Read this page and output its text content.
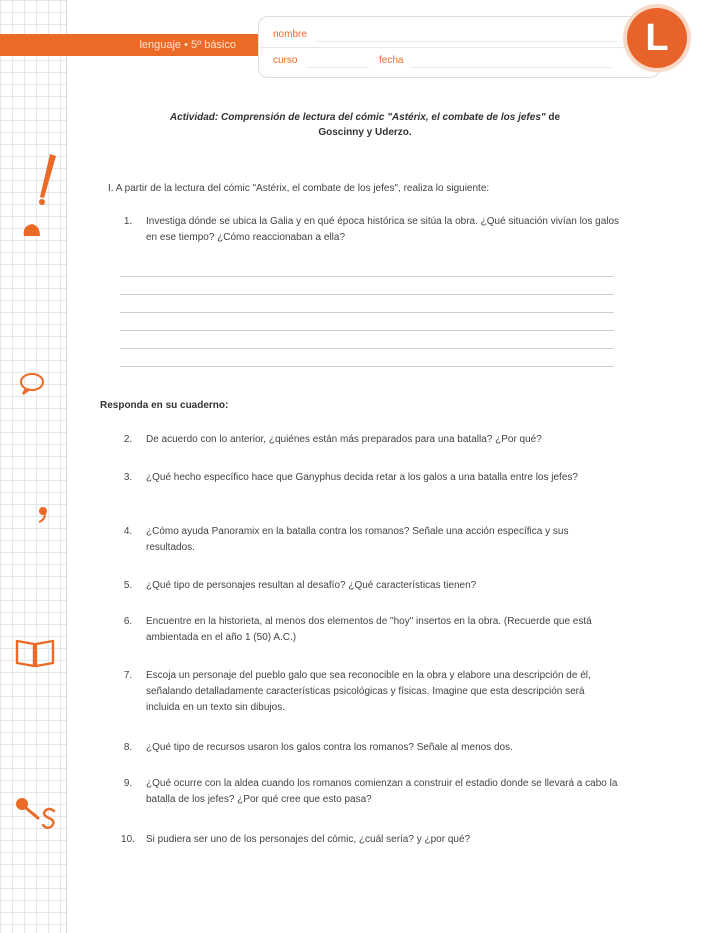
lenguaje • 5º básico
nombre
curso	fecha
L
Actividad: Comprensión de lectura del cómic "Astérix, el combate de los jefes" de
Goscinny y Uderzo.
I. A partir de la lectura del cómic "Astérix, el combate de los jefes", realiza lo siguiente:
1.	Investiga dónde se ubica la Galia y en qué época histórica se sitúa la obra. ¿Qué situación vivían los galos en ese tiempo? ¿Cómo reaccionaban a ella?
Responda en su cuaderno:
2.	De acuerdo con lo anterior, ¿quiénes están más preparados para una batalla? ¿Por qué?
3.	¿Qué hecho específico hace que Ganyphus decida retar a los galos a una batalla entre los jefes?
4.	¿Cómo ayuda Panoramix en la batalla contra los romanos? Señale una acción específica y sus resultados.
5.	¿Qué tipo de personajes resultan al desafío? ¿Qué características tienen?
6.	Encuentre en la historieta, al menos dos elementos de "hoy" insertos en la obra. (Recuerde que está ambientada en el año 1 (50) A.C.)
7.	Escoja un personaje del pueblo galo que sea reconocible en la obra y elabore una descripción de él, señalando detalladamente características psicológicas y físicas. Imagine que esta descripción será incluida en un texto sin dibujos.
8.	¿Qué tipo de recursos usaron los galos contra los romanos? Señale al menos dos.
9.	¿Qué ocurre con la aldea cuando los romanos comienzan a construir el estadio donde se llevará a cabo la batalla de los jefes? ¿Por qué cree que esto pasa?
10.	Si pudiera ser uno de los personajes del cómic, ¿cuál sería? y ¿por qué?
